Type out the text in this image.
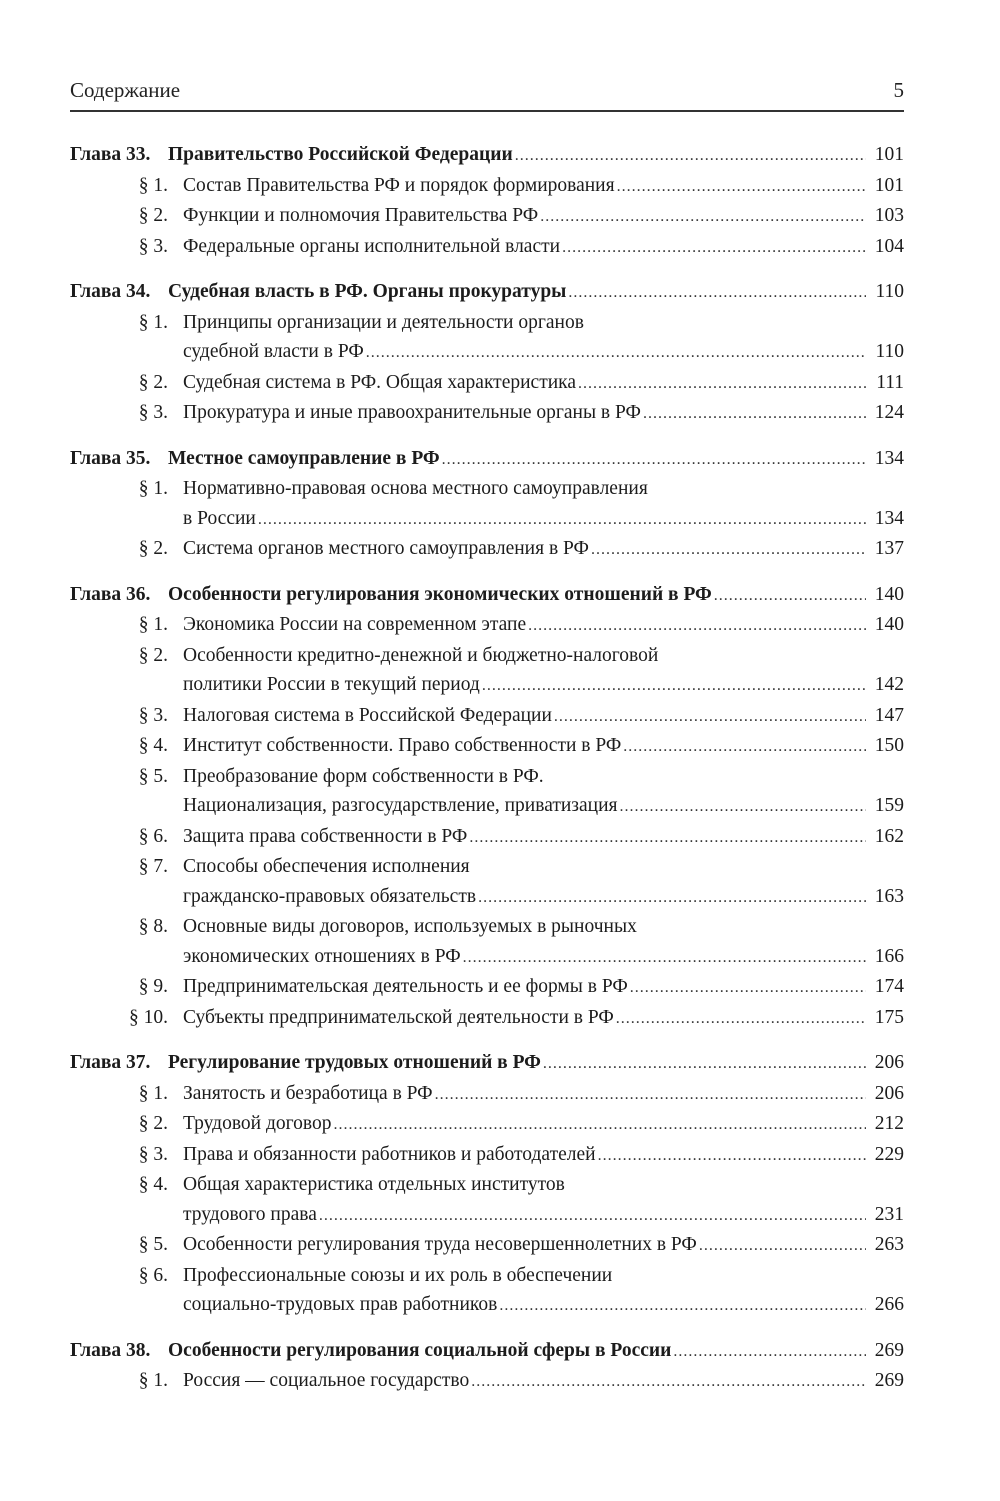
Содержание	5
Глава 33. Правительство Российской Федерации .....	101
§ 1. Состав Правительства РФ и порядок формирования .....	101
§ 2. Функции и полномочия Правительства РФ .....	103
§ 3. Федеральные органы исполнительной власти .....	104
Глава 34. Судебная власть в РФ. Органы прокуратуры .....	110
§ 1. Принципы организации и деятельности органов
судебной власти в РФ .....	110
§ 2. Судебная система в РФ. Общая характеристика .....	111
§ 3. Прокуратура и иные правоохранительные органы в РФ .....	124
Глава 35. Местное самоуправление в РФ .....	134
§ 1. Нормативно-правовая основа местного самоуправления
в России .....	134
§ 2. Система органов местного самоуправления в РФ .....	137
Глава 36. Особенности регулирования экономических отношений в РФ .....	140
§ 1. Экономика России на современном этапе .....	140
§ 2. Особенности кредитно-денежной и бюджетно-налоговой
политики России в текущий период .....	142
§ 3. Налоговая система в Российской Федерации .....	147
§ 4. Институт собственности. Право собственности в РФ .....	150
§ 5. Преобразование форм собственности в РФ.
Национализация, разгосударствление, приватизация .....	159
§ 6. Защита права собственности в РФ .....	162
§ 7. Способы обеспечения исполнения
гражданско-правовых обязательств .....	163
§ 8. Основные виды договоров, используемых в рыночных
экономических отношениях в РФ .....	166
§ 9. Предпринимательская деятельность и ее формы в РФ .....	174
§ 10. Субъекты предпринимательской деятельности в РФ .....	175
Глава 37. Регулирование трудовых отношений в РФ .....	206
§ 1. Занятость и безработица в РФ .....	206
§ 2. Трудовой договор .....	212
§ 3. Права и обязанности работников и работодателей .....	229
§ 4. Общая характеристика отдельных институтов
трудового права .....	231
§ 5. Особенности регулирования труда несовершеннолетних в РФ .....	263
§ 6. Профессиональные союзы и их роль в обеспечении
социально-трудовых прав работников .....	266
Глава 38. Особенности регулирования социальной сферы в России .....	269
§ 1. Россия — социальное государство .....	269
